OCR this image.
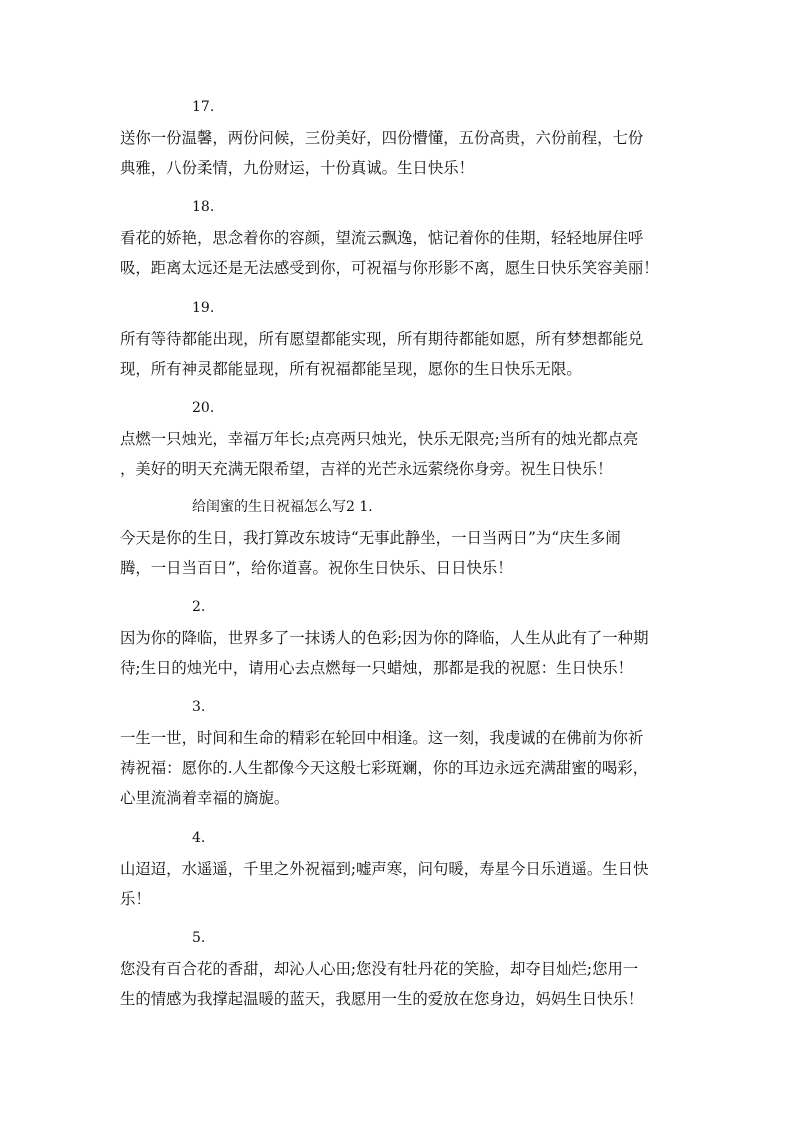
17.
送你一份温馨，两份问候，三份美好，四份懵懂，五份高贵，六份前程，七份
典雅，八份柔情，九份财运，十份真诚。生日快乐！
18.
看花的娇艳，思念着你的容颜，望流云飘逸，惦记着你的佳期，轻轻地屏住呼
吸，距离太远还是无法感受到你，可祝福与你形影不离，愿生日快乐笑容美丽！
19.
所有等待都能出现，所有愿望都能实现，所有期待都能如愿，所有梦想都能兑
现，所有神灵都能显现，所有祝福都能呈现，愿你的生日快乐无限。
20.
点燃一只烛光，幸福万年长;点亮两只烛光，快乐无限亮;当所有的烛光都点亮
，美好的明天充满无限希望，吉祥的光芒永远萦绕你身旁。祝生日快乐！
给闺蜜的生日祝福怎么写2 1.
今天是你的生日，我打算改东坡诗“无事此静坐，一日当两日”为“庆生多闹
腾，一日当百日”，给你道喜。祝你生日快乐、日日快乐！
2.
因为你的降临，世界多了一抹诱人的色彩;因为你的降临，人生从此有了一种期
待;生日的烛光中，请用心去点燃每一只蜡烛，那都是我的祝愿：生日快乐！
3.
一生一世，时间和生命的精彩在轮回中相逢。这一刻，我虔诚的在佛前为你祈
祷祝福：愿你的.人生都像今天这般七彩斑斓，你的耳边永远充满甜蜜的喝彩，
心里流淌着幸福的旖旎。
4.
山迢迢，水遥遥，千里之外祝福到;嘘声寒，问句暖，寿星今日乐逍遥。生日快
乐！
5.
您没有百合花的香甜，却沁人心田;您没有牡丹花的笑脸，却夺目灿烂;您用一
生的情感为我撑起温暖的蓝天，我愿用一生的爱放在您身边，妈妈生日快乐！
